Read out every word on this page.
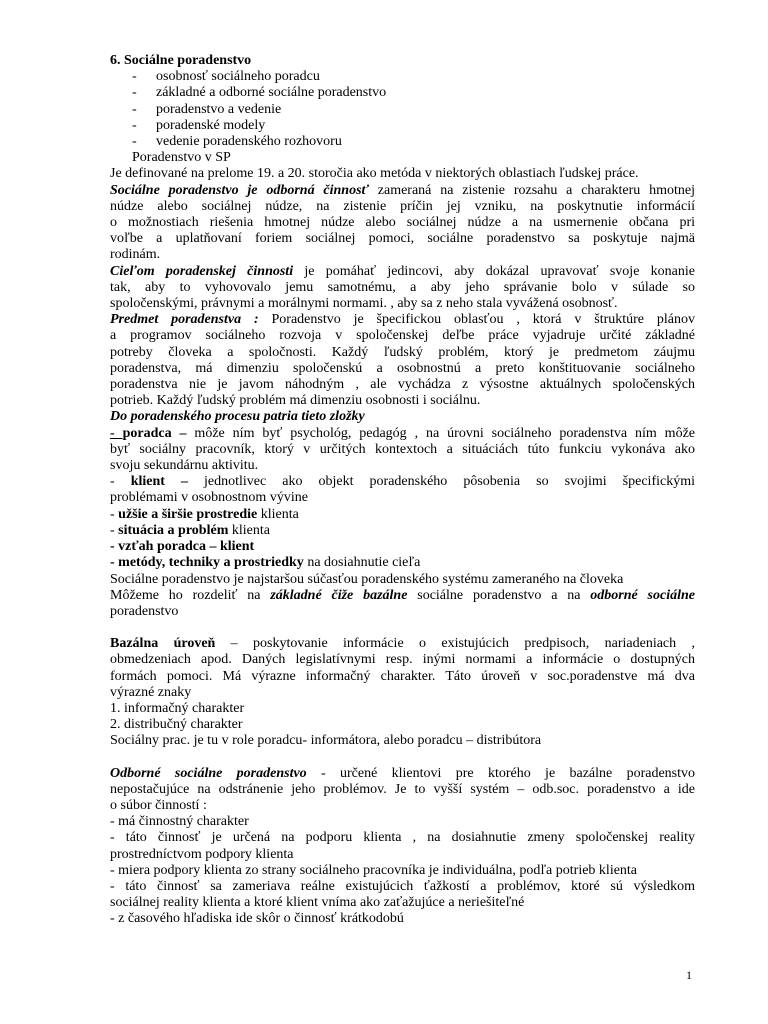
6. Sociálne poradenstvo
- osobnosť sociálneho poradcu
- základné a odborné sociálne poradenstvo
- poradenstvo a vedenie
- poradenské modely
- vedenie poradenského rozhovoru
Poradenstvo v SP
Je definované na prelome 19. a 20. storočia ako metóda v niektorých oblastiach ľudskej práce.
Sociálne poradenstvo je odborná činnosť zameraná na zistenie rozsahu a charakteru hmotnej
núdze alebo sociálnej núdze, na zistenie príčin jej vzniku, na poskytnutie informácií
o možnostiach riešenia hmotnej núdze alebo sociálnej núdze a na usmernenie občana pri
voľbe a uplatňovaní foriem sociálnej pomoci, sociálne poradenstvo sa poskytuje najmä
rodinám.
Cieľom poradenskej činnosti je pomáhať jedincovi, aby dokázal upravovať svoje konanie
tak, aby to vyhovovalo jemu samotnému, a aby jeho správanie bolo v súlade so
spoločenskými, právnymi a morálnymi normami. , aby sa z neho stala vyvážená osobnosť.
Predmet poradenstva : Poradenstvo je špecifickou oblasťou , ktorá v štruktúre plánov
a programov sociálneho rozvoja v spoločenskej deľbe práce vyjadruje určité základné
potreby človeka a spoločnosti. Každý ľudský problém, ktorý je predmetom záujmu
poradenstva, má dimenziu spoločenskú a osobnostnú a preto konštituovanie sociálneho
poradenstva nie je javom náhodným , ale vychádza z výsostne aktuálnych spoločenských
potrieb. Každý ľudský problém má dimenziu osobnosti i sociálnu.
Do poradenského procesu patria tieto zložky
- poradca – môže ním byť psychológ, pedagóg , na úrovni sociálneho poradenstva ním môže
byť sociálny pracovník, ktorý v určitých kontextoch a situáciách túto funkciu vykonáva ako
svoju sekundárnu aktivitu.
- klient – jednotlivec ako objekt poradenského pôsobenia so svojimi špecifickými
problémami v osobnostnom vývine
- užšie a širšie prostredie klienta
- situácia a problém klienta
- vzťah poradca – klient
- metódy, techniky a prostriedky na dosiahnutie cieľa
Sociálne poradenstvo je najstaršou súčasťou poradenského systému zameraného na človeka
Môžeme ho rozdeliť na základné čiže bazálne sociálne poradenstvo a na odborné sociálne
poradenstvo
Bazálna úroveň – poskytovanie informácie o existujúcich predpisoch, nariadeniach ,
obmedzeniach apod. Daných legislatívnymi resp. inými normami a informácie o dostupných
formách pomoci. Má výrazne informačný charakter. Táto úroveň v soc.poradenstve má dva
výrazné znaky
1. informačný charakter
2. distribučný charakter
Sociálny prac. je tu v role poradcu- informátora, alebo poradcu – distribútora
Odborné sociálne poradenstvo - určené klientovi pre ktorého je bazálne poradenstvo
nepostačujúce na odstránenie jeho problémov. Je to vyšší systém – odb.soc. poradenstvo a ide
o súbor činností :
- má činnostný charakter
- táto činnosť je určená na podporu klienta , na dosiahnutie zmeny spoločenskej reality
prostredníctvom podpory klienta
- miera podpory klienta zo strany sociálneho pracovníka je individuálna, podľa potrieb klienta
- táto činnosť sa zameriava reálne existujúcich ťažkostí a problémov, ktoré sú výsledkom
sociálnej reality klienta a ktoré klient vníma ako zaťažujúce a neriešiteľné
- z časového hľadiska ide skôr o činnosť krátkodobú
1
